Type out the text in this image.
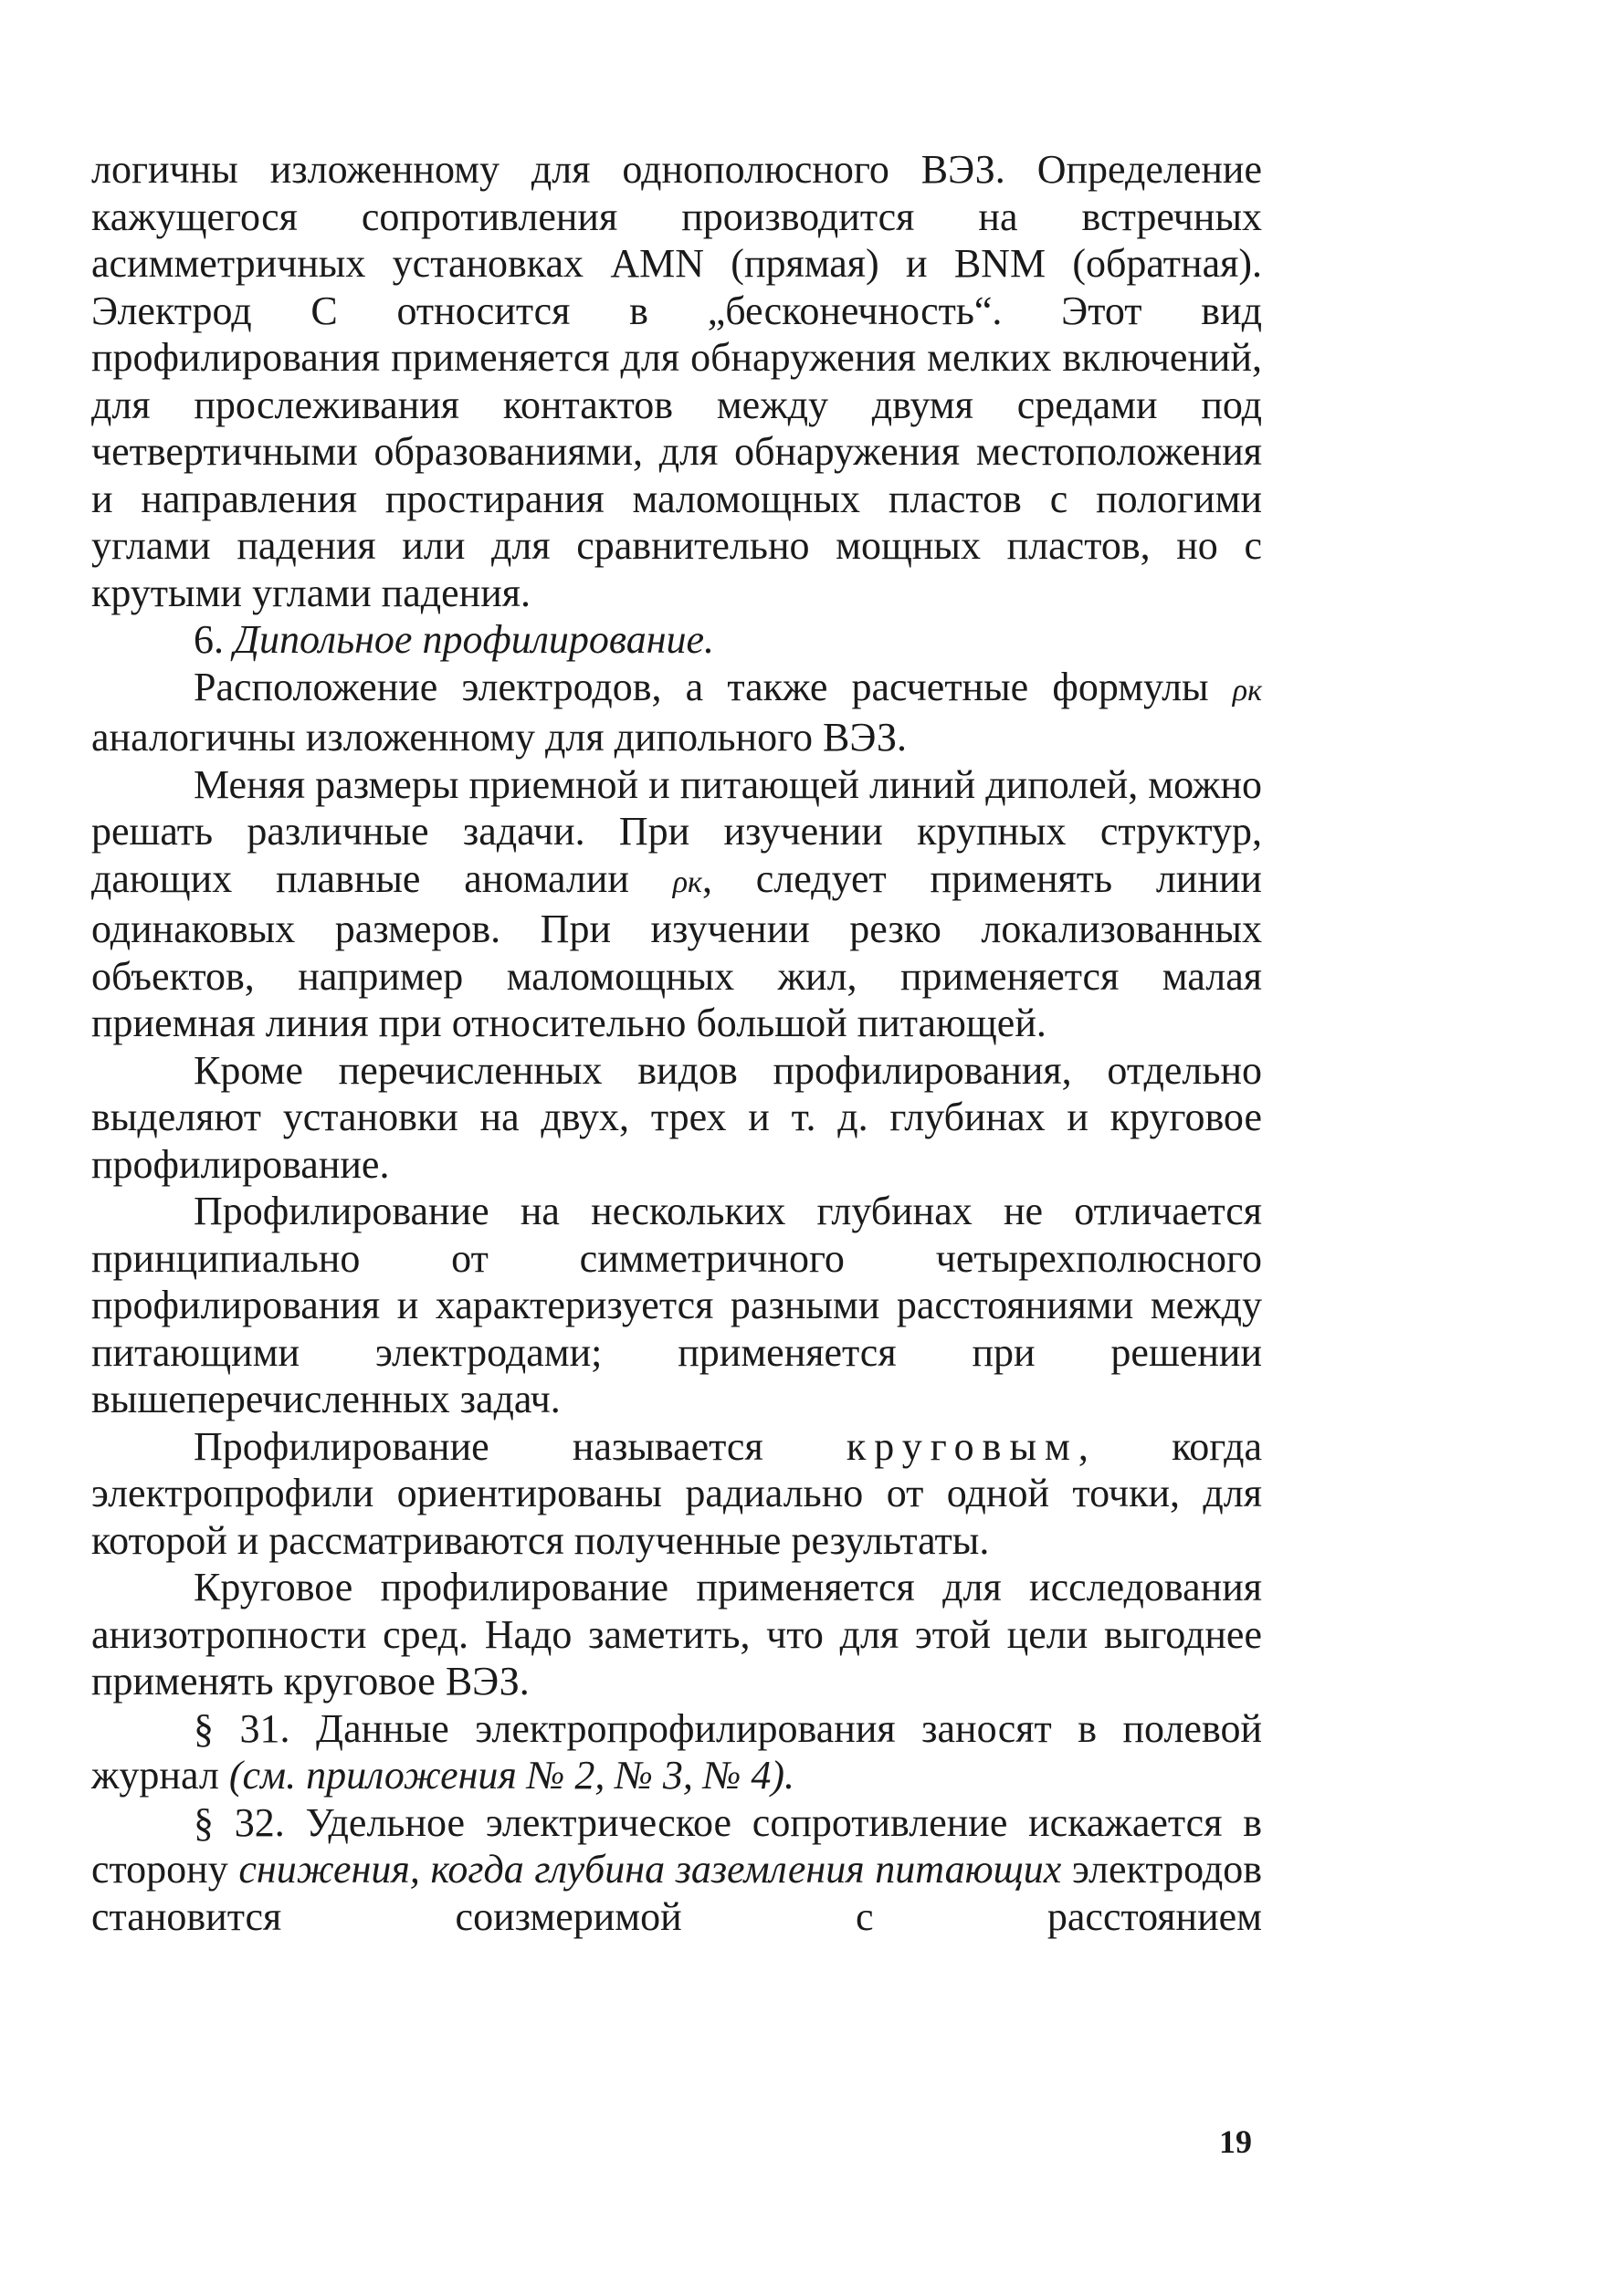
логичны изложенному для однополюсного ВЭЗ. Определение кажущегося сопротивления производится на встречных асимметричных установках AMN (прямая) и BNM (обратная). Электрод C относится в „бесконечность“. Этот вид профилирования применяется для обнаружения мелких включений, для прослеживания контактов между двумя средами под четвертичными образованиями, для обнаружения местоположения и направления простирания маломощных пластов с пологими углами падения или для сравнительно мощных пластов, но с крутыми углами падения.

6. Дипольное профилирование.

Расположение электродов, а также расчетные формулы ρк аналогичны изложенному для дипольного ВЭЗ.

Меняя размеры приемной и питающей линий диполей, можно решать различные задачи. При изучении крупных структур, дающих плавные аномалии ρк, следует применять линии одинаковых размеров. При изучении резко локализованных объектов, например маломощных жил, применяется малая приемная линия при относительно большой питающей.

Кроме перечисленных видов профилирования, отдельно выделяют установки на двух, трех и т. д. глубинах и круговое профилирование.

Профилирование на нескольких глубинах не отличается принципиально от симметричного четырехполюсного профилирования и характеризуется разными расстояниями между питающими электродами; применяется при решении вышеперечисленных задач.

Профилирование называется круговым, когда электропрофили ориентированы радиально от одной точки, для которой и рассматриваются полученные результаты.

Круговое профилирование применяется для исследования анизотропности сред. Надо заметить, что для этой цели выгоднее применять круговое ВЭЗ.

§ 31. Данные электропрофилирования заносят в полевой журнал (см. приложения № 2, № 3, № 4).

§ 32. Удельное электрическое сопротивление искажается в сторону снижения, когда глубина заземления питающих электродов становится соизмеримой с расстоянием

19
